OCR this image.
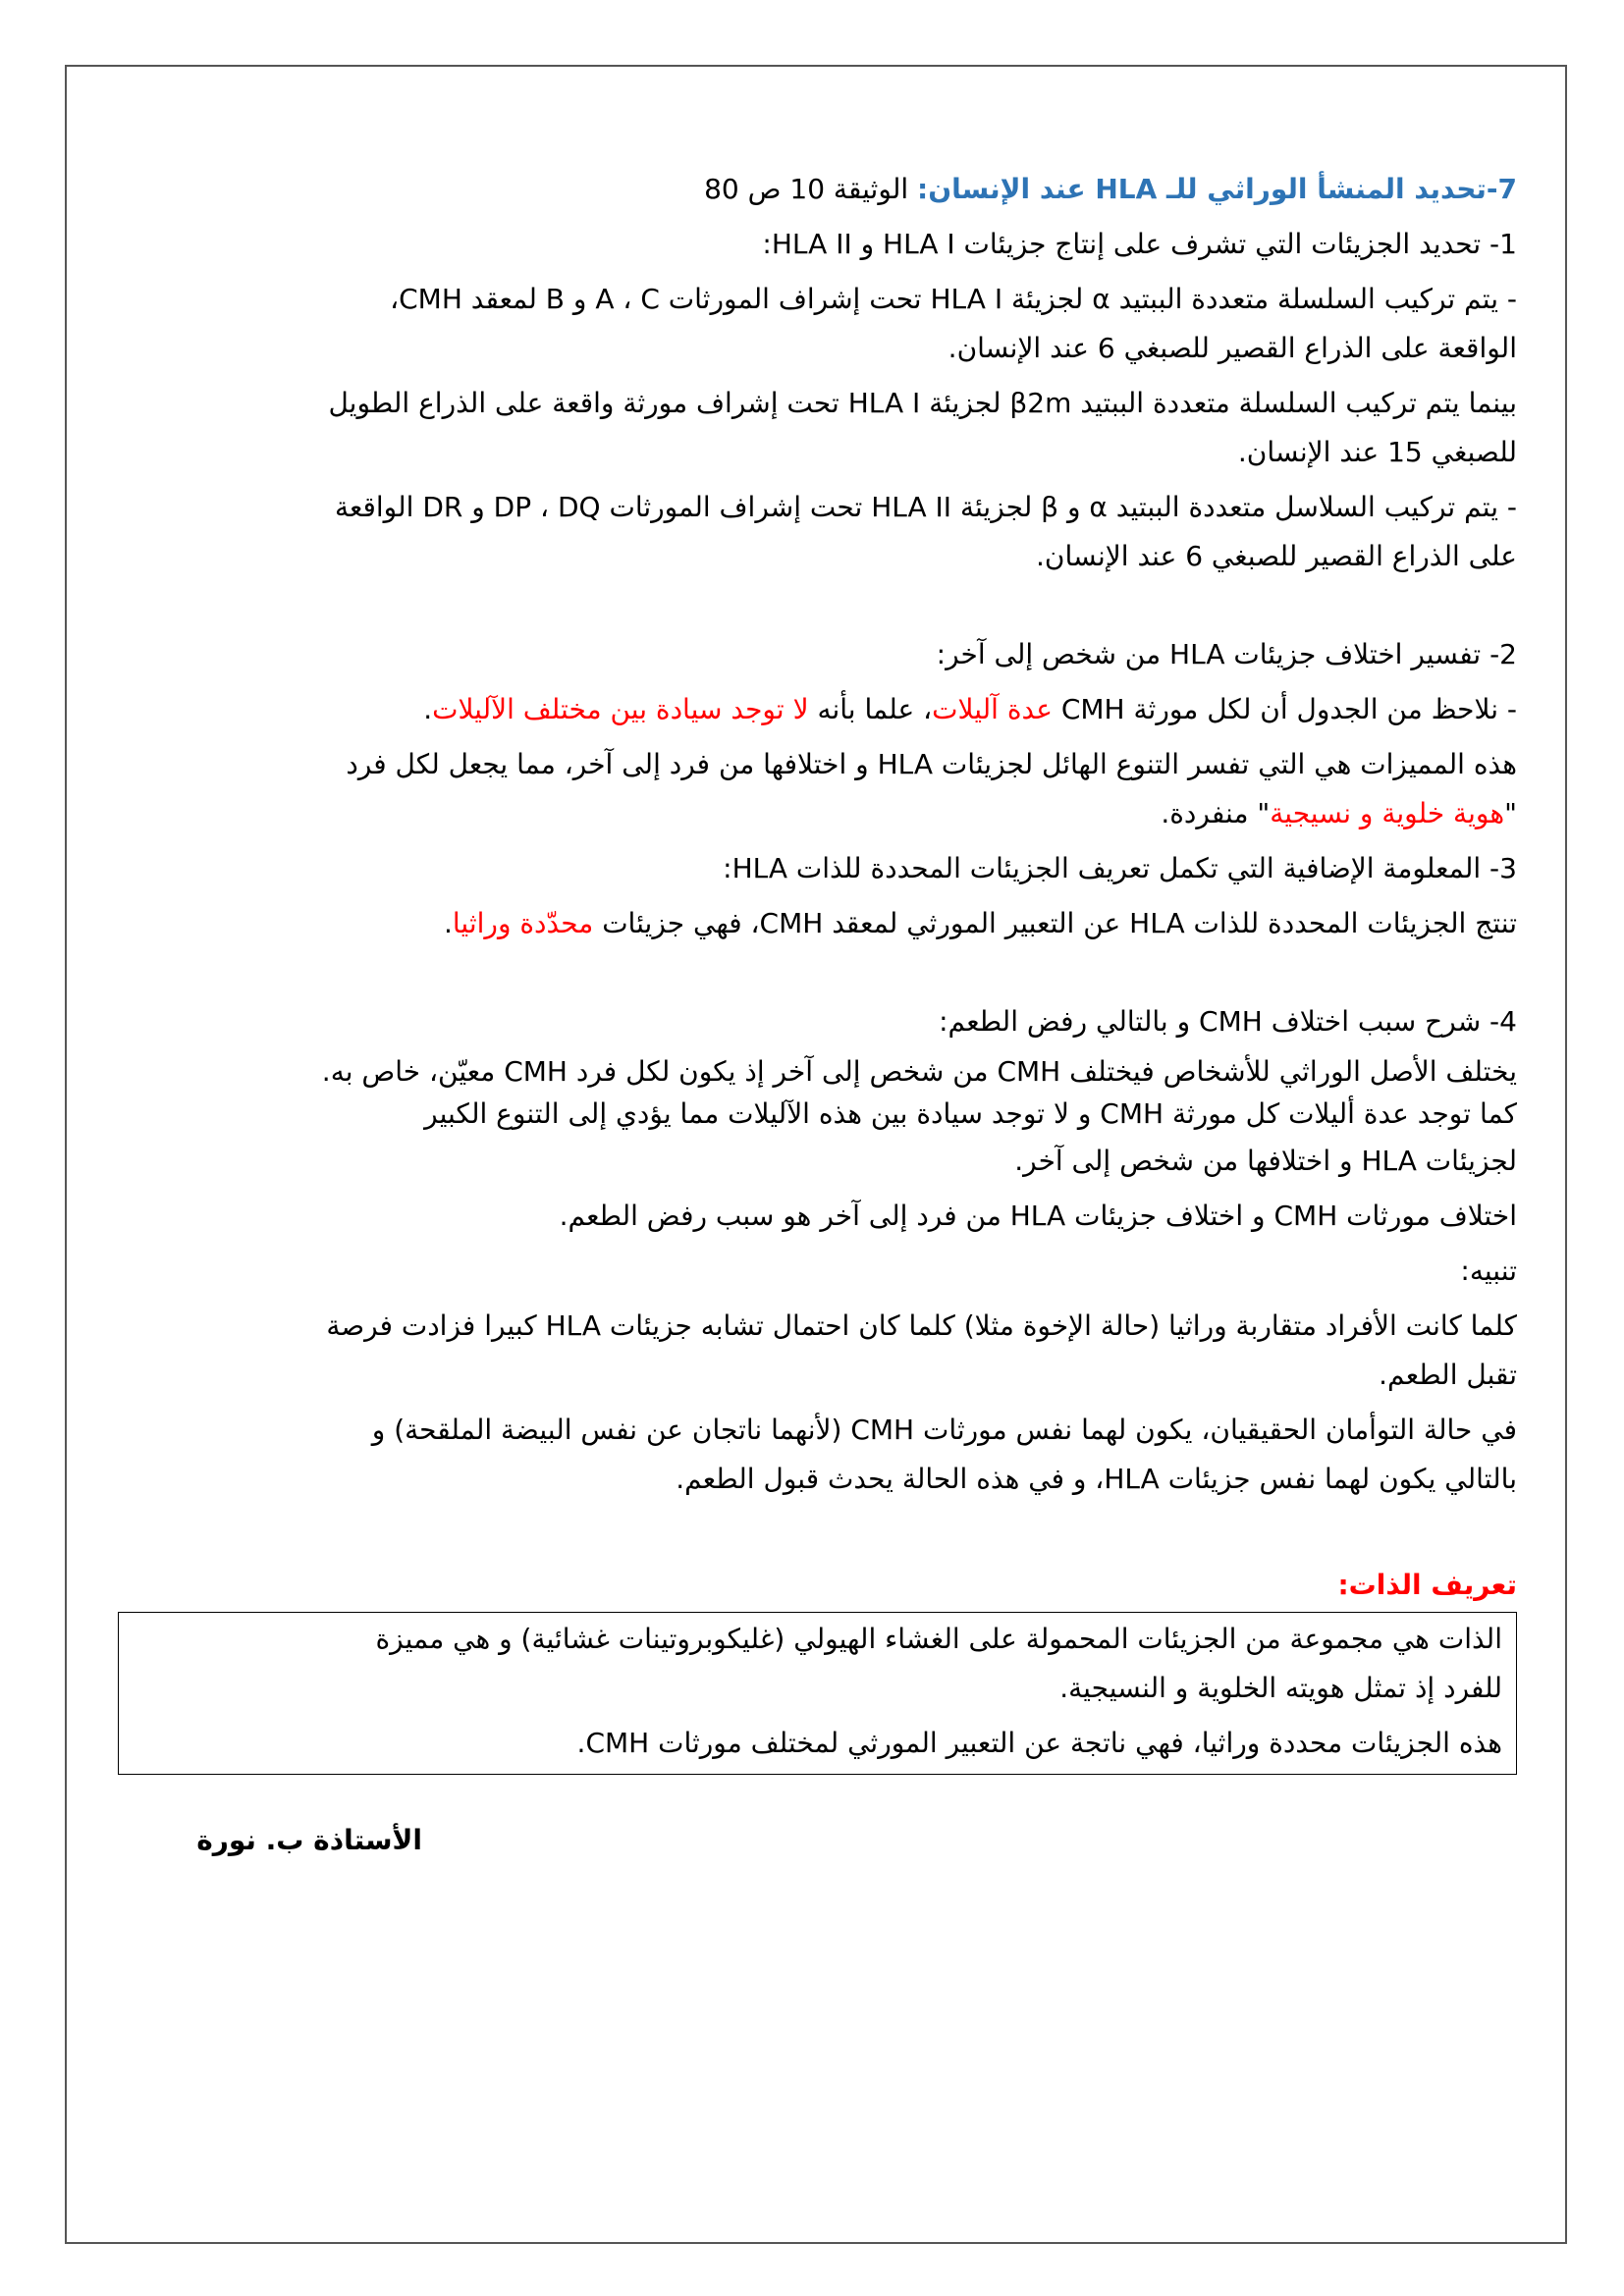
7-تحديد المنشأ الوراثي للـ HLA عند الإنسان: الوثيقة 10 ص 80

1- تحديد الجزيئات التي تشرف على إنتاج جزيئات HLA I و HLA II:

- يتم تركيب السلسلة متعددة الببتيد α لجزيئة HLA I تحت إشراف المورثات A ، C و B لمعقد CMH،

الواقعة على الذراع القصير للصبغي 6 عند الإنسان.

بينما يتم تركيب السلسلة متعددة الببتيد β2m لجزيئة HLA I تحت إشراف مورثة واقعة على الذراع الطويل

للصبغي 15 عند الإنسان.

- يتم تركيب السلاسل متعددة الببتيد α و β لجزيئة HLA II تحت إشراف المورثات DP ، DQ و DR الواقعة

على الذراع القصير للصبغي 6 عند الإنسان.

2- تفسير اختلاف جزيئات HLA من شخص إلى آخر:

- نلاحظ من الجدول أن لكل مورثة CMH عدة آليلات، علما بأنه لا توجد سيادة بين مختلف الآليلات.

هذه المميزات هي التي تفسر التنوع الهائل لجزيئات HLA و اختلافها من فرد إلى آخر، مما يجعل لكل فرد

"هوية خلوية و نسيجية" منفردة.

3- المعلومة الإضافية التي تكمل تعريف الجزيئات المحددة للذات HLA:

تنتج الجزيئات المحددة للذات HLA عن التعبير المورثي لمعقد CMH، فهي جزيئات محدّدة وراثيا.

4- شرح سبب اختلاف CMH و بالتالي رفض الطعم:

يختلف الأصل الوراثي للأشخاص فيختلف CMH من شخص إلى آخر إذ يكون لكل فرد CMH معيّن، خاص به.

كما توجد عدة أليلات كل مورثة CMH و لا توجد سيادة بين هذه الآليلات مما يؤدي إلى التنوع الكبير

لجزيئات HLA و اختلافها من شخص إلى آخر.

اختلاف مورثات CMH و اختلاف جزيئات HLA من فرد إلى آخر هو سبب رفض الطعم.

تنبيه:

كلما كانت الأفراد متقاربة وراثيا (حالة الإخوة مثلا) كلما كان احتمال تشابه جزيئات HLA كبيرا فزادت فرصة

تقبل الطعم.

في حالة التوأمان الحقيقيان، يكون لهما نفس مورثات CMH (لأنهما ناتجان عن نفس البيضة الملقحة) و

بالتالي يكون لهما نفس جزيئات HLA، و في هذه الحالة يحدث قبول الطعم.

تعريف الذات:

الذات هي مجموعة من الجزيئات المحمولة على الغشاء الهيولي (غليكوبروتينات غشائية) و هي مميزة

للفرد إذ تمثل هويته الخلوية و النسيجية.

هذه الجزيئات محددة وراثيا، فهي ناتجة عن التعبير المورثي لمختلف مورثات CMH.

الأستاذة ب. نورة
